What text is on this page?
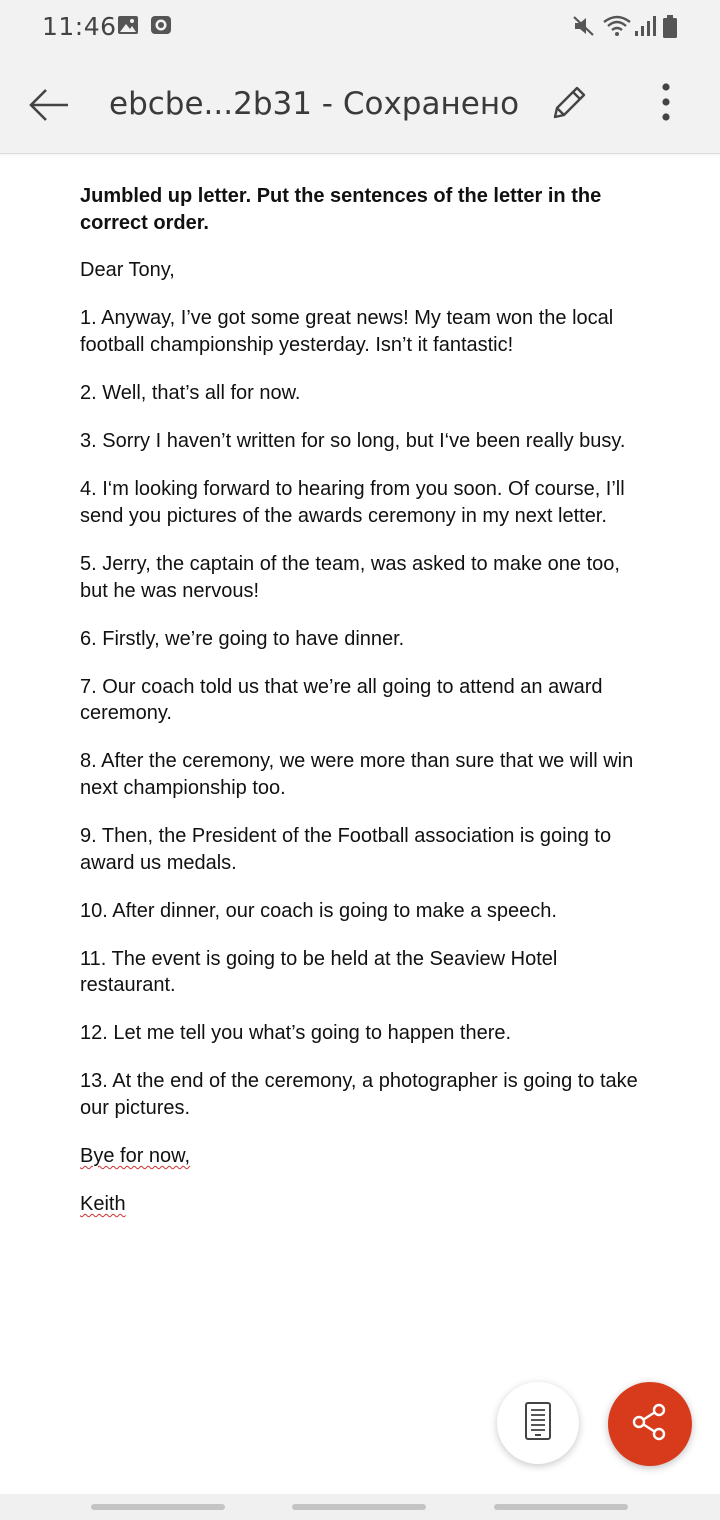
11:46
ebcbe...2b31 - Сохранено

Jumbled up letter. Put the sentences of the letter in the correct order.

Dear Tony,

1. Anyway, I’ve got some great news! My team won the local football championship yesterday. Isn’t it fantastic!

2. Well, that’s all for now.

3. Sorry I haven’t written for so long, but I‘ve been really busy.

4. I‘m looking forward to hearing from you soon. Of course, I’ll send you pictures of the awards ceremony in my next letter.

5. Jerry, the captain of the team, was asked to make one too, but he was nervous!

6. Firstly, we’re going to have dinner.

7. Our coach told us that we’re all going to attend an award ceremony.

8. After the ceremony, we were more than sure that we will win next championship too.

9. Then, the President of the Football association is going to award us medals.

10. After dinner, our coach is going to make a speech.

11. The event is going to be held at the Seaview Hotel restaurant.

12. Let me tell you what’s going to happen there.

13. At the end of the ceremony, a photographer is going to take our pictures.

Bye for now,

Keith
